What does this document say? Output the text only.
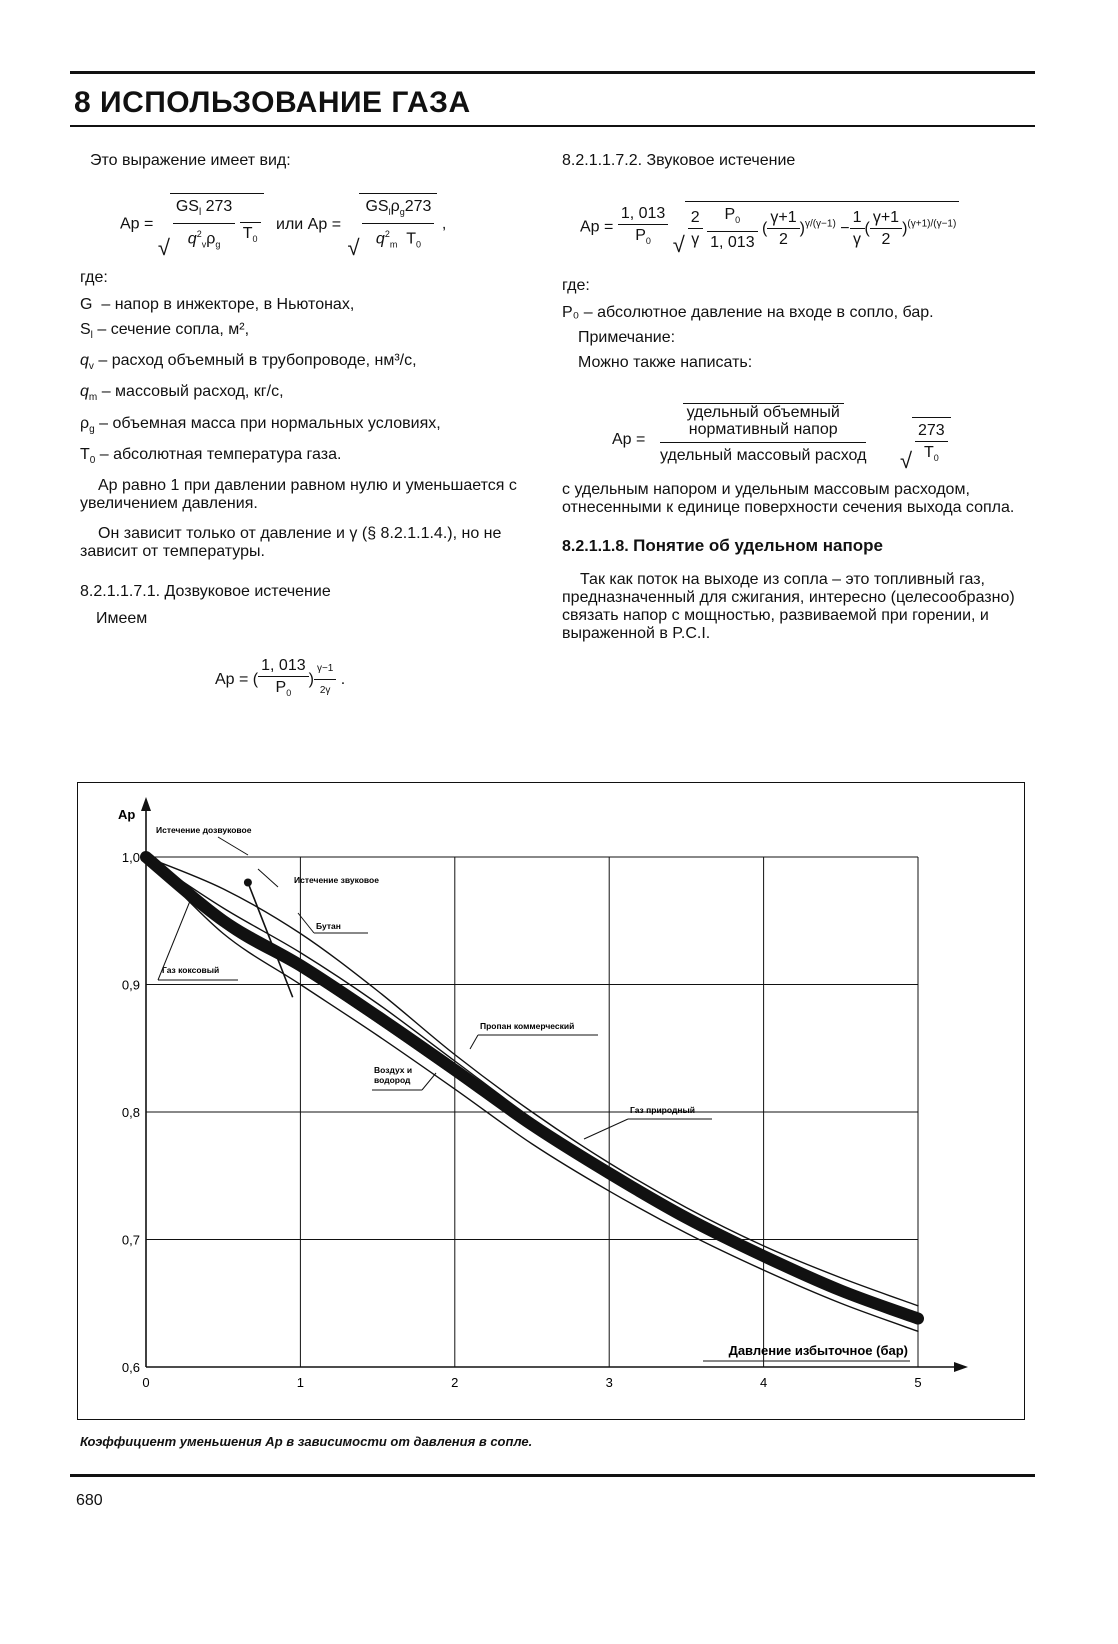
8 ИСПОЛЬЗОВАНИЕ ГАЗА

Это выражение имеет вид:

Ap = √ $\frac{GS_l 273}{q^2_v\rho_g}$

$T_0$
или Ap = √ $\frac{GS_l\rho_g273}{q^2_m T_0}$ ,

где:

G – напор в инжекторе, в Ньютонах,
$S_l$ – сечение сопла, м²,
$q_v$ – расход объемный в трубопроводе, нм³/с,
$q_m$ – массовый расход, кг/с,
$\rho_g$ – объемная масса при нормальных условиях,
$T_0$ – абсолютная температура газа.

Ap равно 1 при давлении равном нулю и уменьшается с увеличением давления.

Он зависит только от давление и γ (§ 8.2.1.1.4.), но не зависит от температуры.

8.2.1.1.7.1. Дозвуковое истечение

Имеем

Ap = ( $\frac{1, 013}{P_0}$ ) $\frac{\gamma-1}{2\gamma}$ .

8.2.1.1.7.2. Звуковое истечение

$Ap = \frac{1, 013}{P_0}$
√ $\frac{2}{\gamma}$
$\frac{P_0}{1, 013}$ ( $\frac{\gamma+1}{2} )^{\gamma/(\gamma-1)} - \frac{1}{\gamma}$ ( $\frac{\gamma+1}{2} )^{(\gamma+1)/(\gamma-1)}$

где:

P₀ – абсолютное давление на входе в сопло, бар.

Примечание:

Можно также написать:

Ap =
удельный объемный
нормативный напор
удельный массовый расход	√ $\frac{273}{T_0}$

с удельным напором и удельным массовым расходом, отнесенными к единице поверхности сечения выхода сопла.

8.2.1.1.8. Понятие об удельном напоре

Так как поток на выходе из сопла – это топливный газ, предназначенный для сжигания, интересно (целесообразно) связать напор с мощностью, развиваемой при горении, и выраженной в P.C.I.

Ap
0	1	2	3	4	5
1,0
0,9
0,8
0,7
0,6
Давление избыточное (бар)
Истечение дозвуковое
Истечение звуковое
Бутан
Газ коксовый
Пропан коммерческий
Воздух и
водород
Газ природный
Коэффициент уменьшения Ap в зависимости от давления в сопле.
680
